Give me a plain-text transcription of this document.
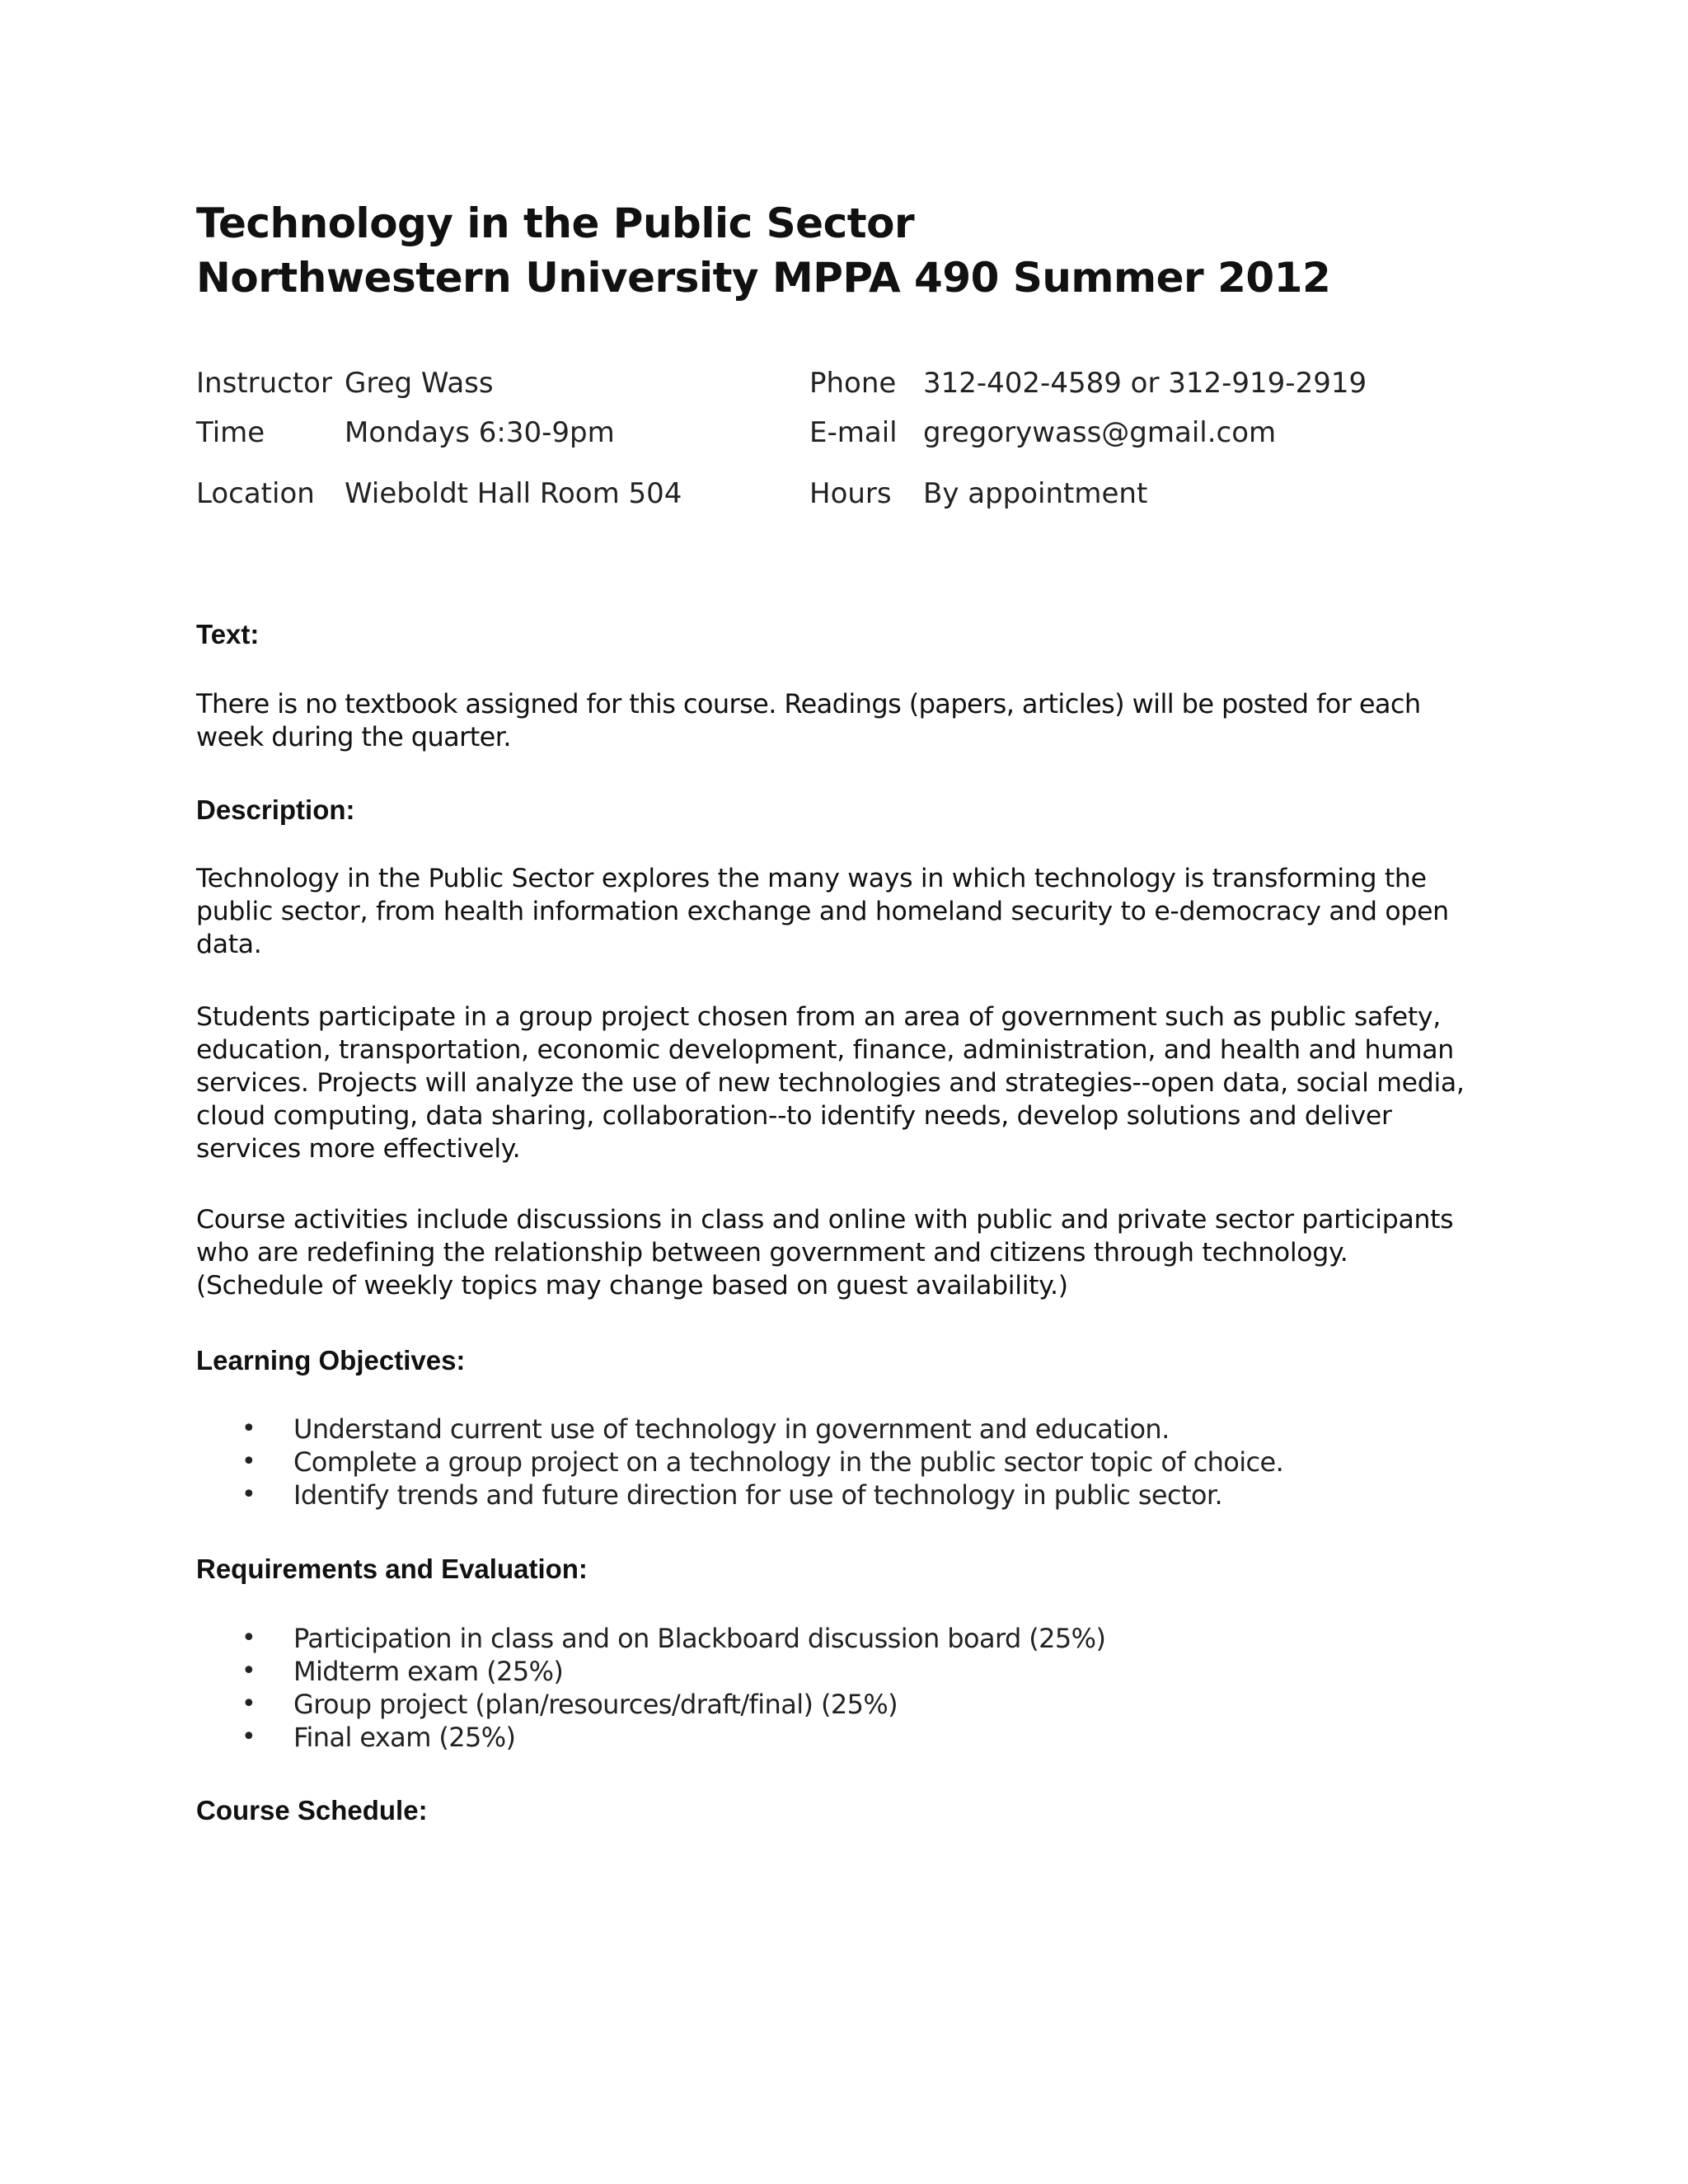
Technology in the Public Sector
Northwestern University MPPA 490 Summer 2012
Instructor Greg Wass	Phone 312-402-4589 or 312-919-2919
Time	Mondays 6:30-9pm	E-mail gregorywass@gmail.com
Location Wieboldt Hall Room 504	Hours By appointment
Text:

There is no textbook assigned for this course. Readings (papers, articles) will be posted for each week during the quarter.

Description:

Technology in the Public Sector explores the many ways in which technology is transforming the public sector, from health information exchange and homeland security to e-democracy and open data.

Students participate in a group project chosen from an area of government such as public safety, education, transportation, economic development, finance, administration, and health and human services. Projects will analyze the use of new technologies and strategies--open data, social media, cloud computing, data sharing, collaboration--to identify needs, develop solutions and deliver services more effectively.

Course activities include discussions in class and online with public and private sector participants who are redefining the relationship between government and citizens through technology. (Schedule of weekly topics may change based on guest availability.)

Learning Objectives:
• Understand current use of technology in government and education.
• Complete a group project on a technology in the public sector topic of choice.
• Identify trends and future direction for use of technology in public sector.
Requirements and Evaluation:
• Participation in class and on Blackboard discussion board (25%)
• Midterm exam (25%)
• Group project (plan/resources/draft/final) (25%)
• Final exam (25%)
Course Schedule:
